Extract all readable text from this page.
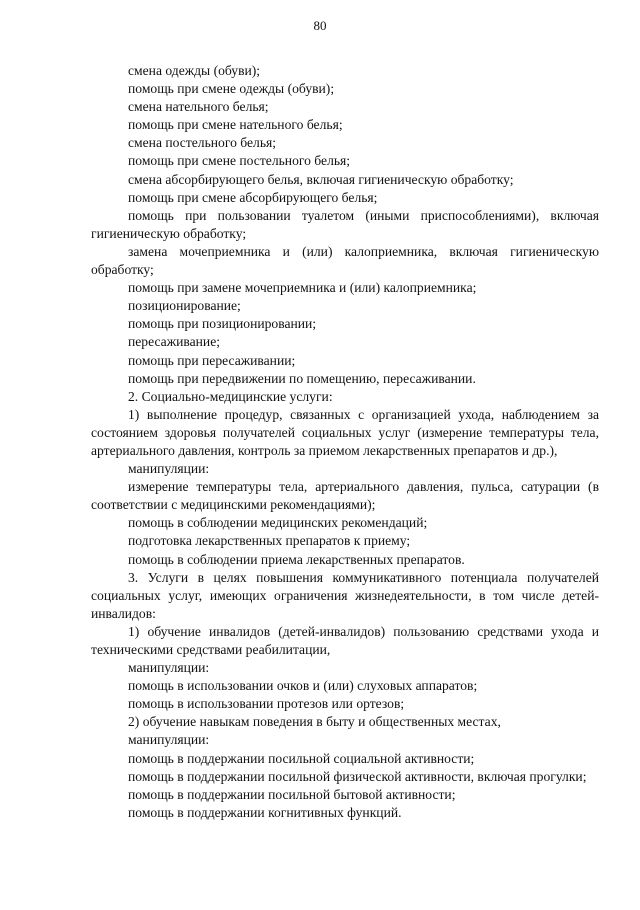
80

смена одежды (обуви);

помощь при смене одежды (обуви);

смена нательного белья;

помощь при смене нательного белья;

смена постельного белья;

помощь при смене постельного белья;

смена абсорбирующего белья, включая гигиеническую обработку;

помощь при смене абсорбирующего белья;

помощь при пользовании туалетом (иными приспособлениями), включая гигиеническую обработку;

замена мочеприемника и (или) калоприемника, включая гигиеническую обработку;

помощь при замене мочеприемника и (или) калоприемника;

позиционирование;

помощь при позиционировании;

пересаживание;

помощь при пересаживании;

помощь при передвижении по помещению, пересаживании.

2. Социально-медицинские услуги:

1) выполнение процедур, связанных с организацией ухода, наблюдением за состоянием здоровья получателей социальных услуг (измерение температуры тела, артериального давления, контроль за приемом лекарственных препаратов и др.),

манипуляции:

измерение температуры тела, артериального давления, пульса, сатурации (в соответствии с медицинскими рекомендациями);

помощь в соблюдении медицинских рекомендаций;

подготовка лекарственных препаратов к приему;

помощь в соблюдении приема лекарственных препаратов.

3. Услуги в целях повышения коммуникативного потенциала получателей социальных услуг, имеющих ограничения жизнедеятельности, в том числе детей-инвалидов:

1) обучение инвалидов (детей-инвалидов) пользованию средствами ухода и техническими средствами реабилитации,

манипуляции:

помощь в использовании очков и (или) слуховых аппаратов;

помощь в использовании протезов или ортезов;

2) обучение навыкам поведения в быту и общественных местах,

манипуляции:

помощь в поддержании посильной социальной активности;

помощь в поддержании посильной физической активности, включая прогулки;

помощь в поддержании посильной бытовой активности;

помощь в поддержании когнитивных функций.
